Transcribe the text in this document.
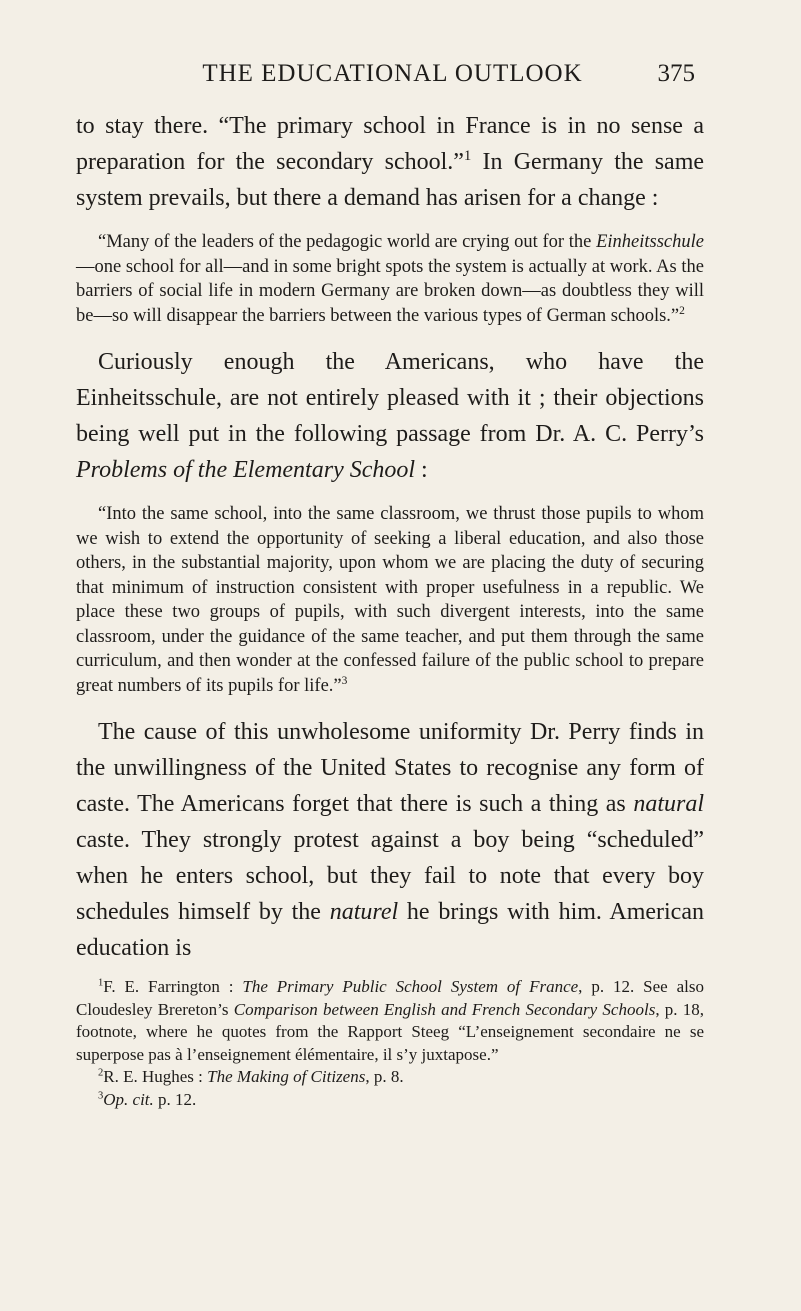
THE EDUCATIONAL OUTLOOK	375

to stay there. “The primary school in France is in no sense a preparation for the secondary school.”$^1$ In Germany the same system prevails, but there a demand has arisen for a change :

“Many of the leaders of the pedagogic world are crying out for the Einheitsschule—one school for all—and in some bright spots the system is actually at work. As the barriers of social life in modern Germany are broken down—as doubtless they will be—so will disappear the barriers between the various types of German schools.”$^2$

Curiously enough the Americans, who have the Einheitsschule, are not entirely pleased with it ; their objections being well put in the following passage from Dr. A. C. Perry’s Problems of the Elementary School :

“Into the same school, into the same classroom, we thrust those pupils to whom we wish to extend the opportunity of seeking a liberal education, and also those others, in the substantial majority, upon whom we are placing the duty of securing that minimum of instruction consistent with proper usefulness in a republic. We place these two groups of pupils, with such divergent interests, into the same classroom, under the guidance of the same teacher, and put them through the same curriculum, and then wonder at the confessed failure of the public school to prepare great numbers of its pupils for life.”$^3$

The cause of this unwholesome uniformity Dr. Perry finds in the unwillingness of the United States to recognise any form of caste. The Americans forget that there is such a thing as natural caste. They strongly protest against a boy being “scheduled” when he enters school, but they fail to note that every boy schedules himself by the naturel he brings with him. American education is

$^1$F. E. Farrington : The Primary Public School System of France, p. 12. See also Cloudesley Brereton’s Comparison between English and French Secondary Schools, p. 18, footnote, where he quotes from the Rapport Steeg “L’enseignement secondaire ne se superpose pas à l’enseignement élémentaire, il s’y juxtapose.”

$^2$R. E. Hughes : The Making of Citizens, p. 8.

$^3$Op. cit. p. 12.
